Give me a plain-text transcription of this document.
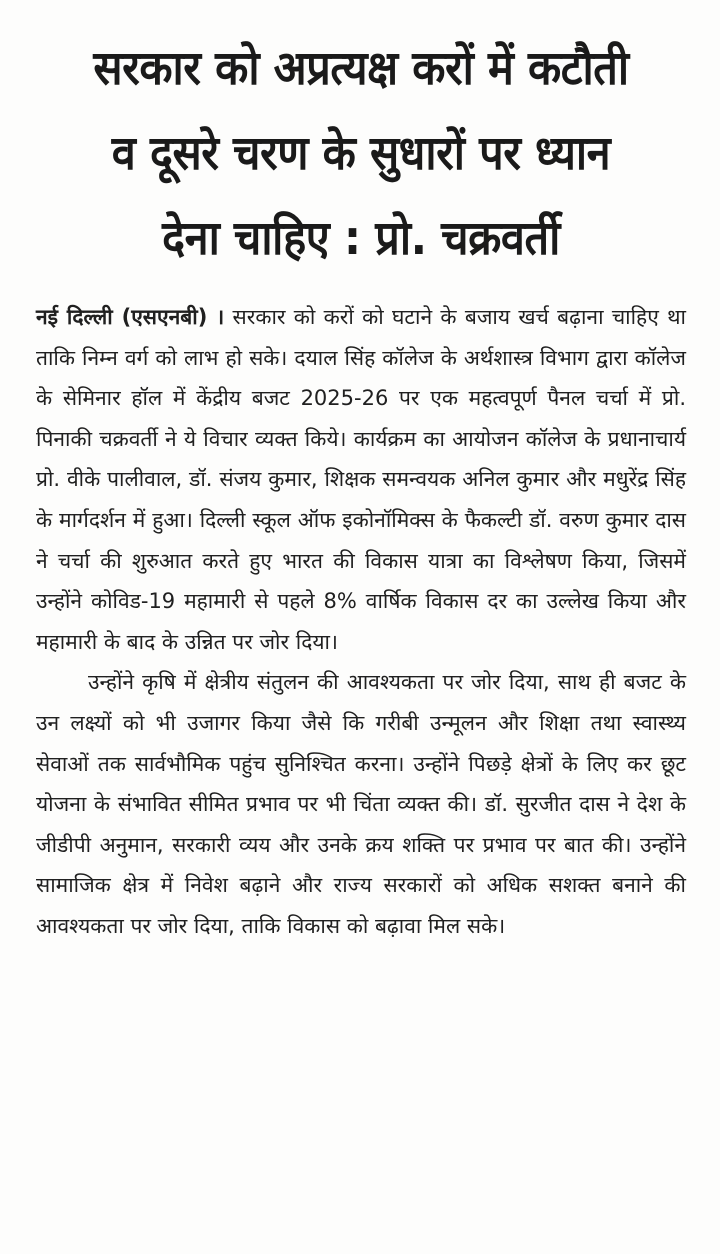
सरकार को अप्रत्यक्ष करों में कटौती
व दूसरे चरण के सुधारों पर ध्यान
देना चाहिए : प्रो. चक्रवर्ती

नई दिल्ली (एसएनबी) । सरकार को करों को घटाने के बजाय खर्च बढ़ाना चाहिए था ताकि निम्न वर्ग को लाभ हो सके। दयाल सिंह कॉलेज के अर्थशास्त्र विभाग द्वारा कॉलेज के सेमिनार हॉल में केंद्रीय बजट 2025-26 पर एक महत्वपूर्ण पैनल चर्चा में प्रो. पिनाकी चक्रवर्ती ने ये विचार व्यक्त किये। कार्यक्रम का आयोजन कॉलेज के प्रधानाचार्य प्रो. वीके पालीवाल, डॉ. संजय कुमार, शिक्षक समन्वयक अनिल कुमार और मधुरेंद्र सिंह के मार्गदर्शन में हुआ। दिल्ली स्कूल ऑफ इकोनॉमिक्स के फैकल्टी डॉ. वरुण कुमार दास ने चर्चा की शुरुआत करते हुए भारत की विकास यात्रा का विश्लेषण किया, जिसमें उन्होंने कोविड-19 महामारी से पहले 8% वार्षिक विकास दर का उल्लेख किया और महामारी के बाद के उन्नित पर जोर दिया।

उन्होंने कृषि में क्षेत्रीय संतुलन की आवश्यकता पर जोर दिया, साथ ही बजट के उन लक्ष्यों को भी उजागर किया जैसे कि गरीबी उन्मूलन और शिक्षा तथा स्वास्थ्य सेवाओं तक सार्वभौमिक पहुंच सुनिश्चित करना। उन्होंने पिछड़े क्षेत्रों के लिए कर छूट योजना के संभावित सीमित प्रभाव पर भी चिंता व्यक्त की। डॉ. सुरजीत दास ने देश के जीडीपी अनुमान, सरकारी व्यय और उनके क्रय शक्ति पर प्रभाव पर बात की। उन्होंने सामाजिक क्षेत्र में निवेश बढ़ाने और राज्य सरकारों को अधिक सशक्त बनाने की आवश्यकता पर जोर दिया, ताकि विकास को बढ़ावा मिल सके।
